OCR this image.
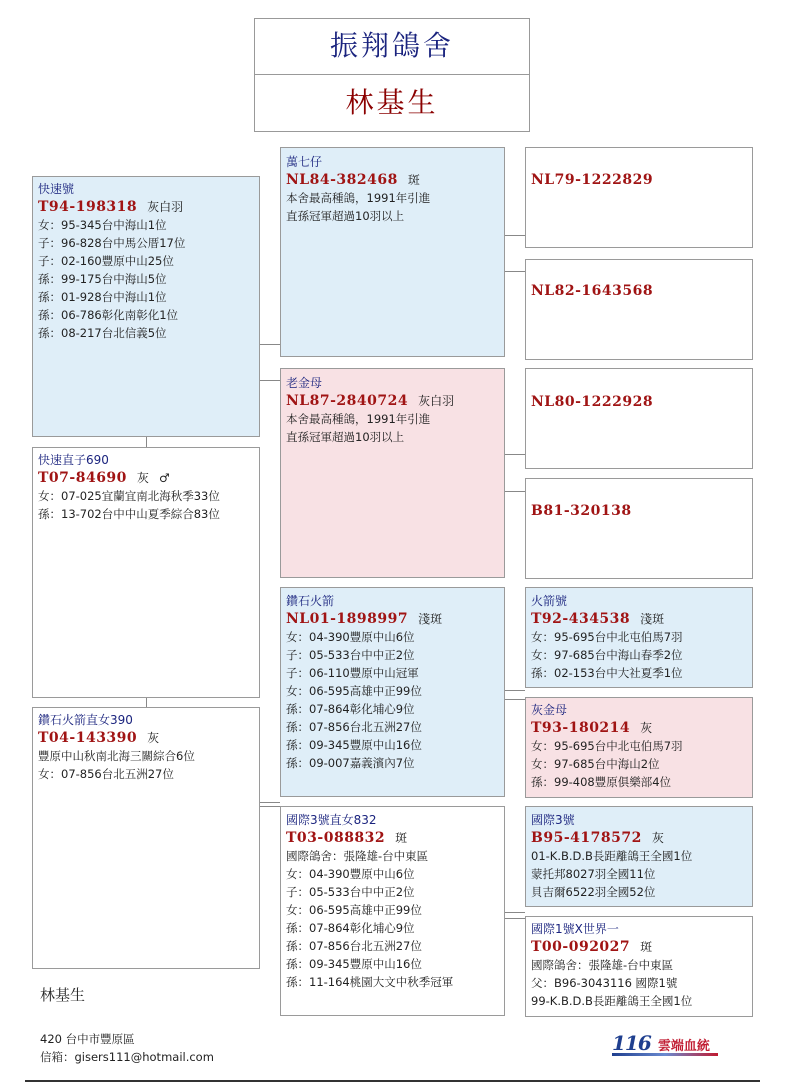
振翔鴿舍
林基生
快速號
T94-198318 灰白羽
女：95-345台中海山1位
子：96-828台中馬公厝17位
子：02-160豐原中山25位
孫：99-175台中海山5位
孫：01-928台中海山1位
孫：06-786彰化南彰化1位
孫：08-217台北信義5位
快速直子690
T07-84690 灰 ♂
女：07-025宜蘭宜南北海秋季33位
孫：13-702台中中山夏季綜合83位
鑽石火箭直女390
T04-143390 灰
豐原中山秋南北海三關綜合6位
女：07-856台北五洲27位
萬七仔
NL84-382468 斑
本舍最高種鴿，1991年引進
直孫冠軍超過10羽以上
老金母
NL87-2840724 灰白羽
本舍最高種鴿，1991年引進
直孫冠軍超過10羽以上
鑽石火箭
NL01-1898997 淺斑
女：04-390豐原中山6位
子：05-533台中中正2位
子：06-110豐原中山冠軍
女：06-595高雄中正99位
孫：07-864彰化埔心9位
孫：07-856台北五洲27位
孫：09-345豐原中山16位
孫：09-007嘉義濱內7位
國際3號直女832
T03-088832 斑
國際鴿舍：張隆雄-台中東區
女：04-390豐原中山6位
子：05-533台中中正2位
女：06-595高雄中正99位
孫：07-864彰化埔心9位
孫：07-856台北五洲27位
孫：09-345豐原中山16位
孫：11-164桃園大文中秋季冠軍
NL79-1222829
NL82-1643568
NL80-1222928
B81-320138
火箭號
T92-434538 淺斑
女：95-695台中北屯伯馬7羽
女：97-685台中海山春季2位
孫：02-153台中大社夏季1位
灰金母
T93-180214 灰
女：95-695台中北屯伯馬7羽
女：97-685台中海山2位
孫：99-408豐原俱樂部4位
國際3號
B95-4178572 灰
01-K.B.D.B長距離鴿王全國1位
蒙托邦8027羽全國11位
貝吉爾6522羽全國52位
國際1號X世界一
T00-092027 斑
國際鴿舍：張隆雄-台中東區
父：B96-3043116 國際1號
99-K.B.D.B長距離鴿王全國1位
林基生
420 台中市豐原區
信箱：gisers111@hotmail.com
116 雲端血統
